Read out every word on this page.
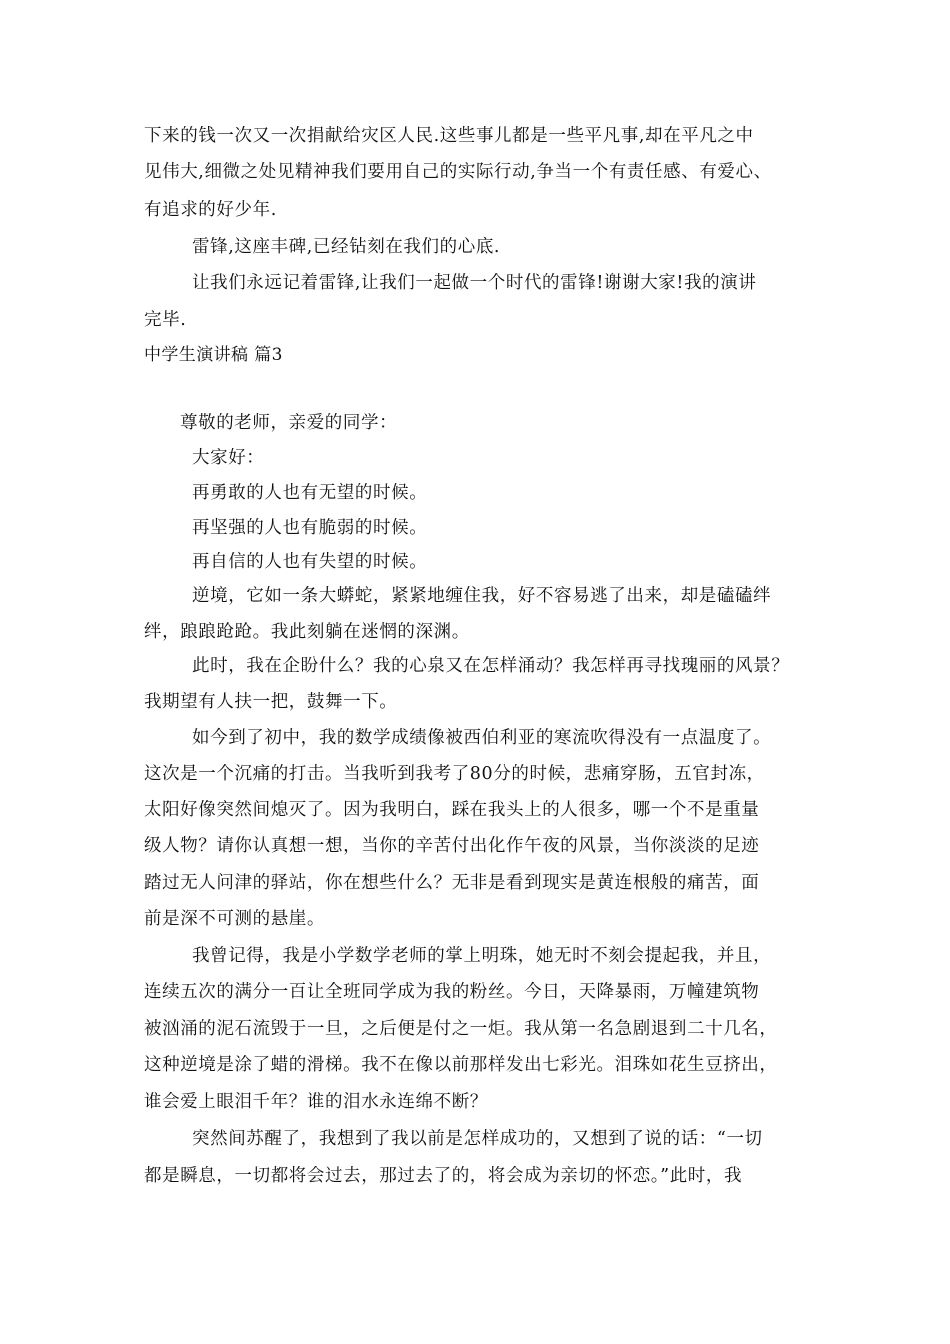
下来的钱一次又一次捐献给灾区人民.这些事儿都是一些平凡事,却在平凡之中
见伟大,细微之处见精神我们要用自己的实际行动,争当一个有责任感、有爱心、
有追求的好少年.
雷锋,这座丰碑,已经钻刻在我们的心底.
让我们永远记着雷锋,让我们一起做一个时代的雷锋!谢谢大家!我的演讲
完毕.
中学生演讲稿 篇3
尊敬的老师，亲爱的同学：
大家好：
再勇敢的人也有无望的时候。
再坚强的人也有脆弱的时候。
再自信的人也有失望的时候。
逆境，它如一条大蟒蛇，紧紧地缠住我，好不容易逃了出来，却是磕磕绊
绊，踉踉跄跄。我此刻躺在迷惘的深渊。
此时，我在企盼什么？我的心泉又在怎样涌动？我怎样再寻找瑰丽的风景？
我期望有人扶一把，鼓舞一下。
如今到了初中，我的数学成绩像被西伯利亚的寒流吹得没有一点温度了。
这次是一个沉痛的打击。当我听到我考了80分的时候，悲痛穿肠，五官封冻，
太阳好像突然间熄灭了。因为我明白，踩在我头上的人很多，哪一个不是重量
级人物？请你认真想一想，当你的辛苦付出化作午夜的风景，当你淡淡的足迹
踏过无人问津的驿站，你在想些什么？无非是看到现实是黄连根般的痛苦，面
前是深不可测的悬崖。
我曾记得，我是小学数学老师的掌上明珠，她无时不刻会提起我，并且，
连续五次的满分一百让全班同学成为我的粉丝。今日，天降暴雨，万幢建筑物
被汹涌的泥石流毁于一旦，之后便是付之一炬。我从第一名急剧退到二十几名，
这种逆境是涂了蜡的滑梯。我不在像以前那样发出七彩光。泪珠如花生豆挤出，
谁会爱上眼泪千年？谁的泪水永连绵不断？
突然间苏醒了，我想到了我以前是怎样成功的，又想到了说的话：“一切
都是瞬息，一切都将会过去，那过去了的，将会成为亲切的怀恋。”此时，我
